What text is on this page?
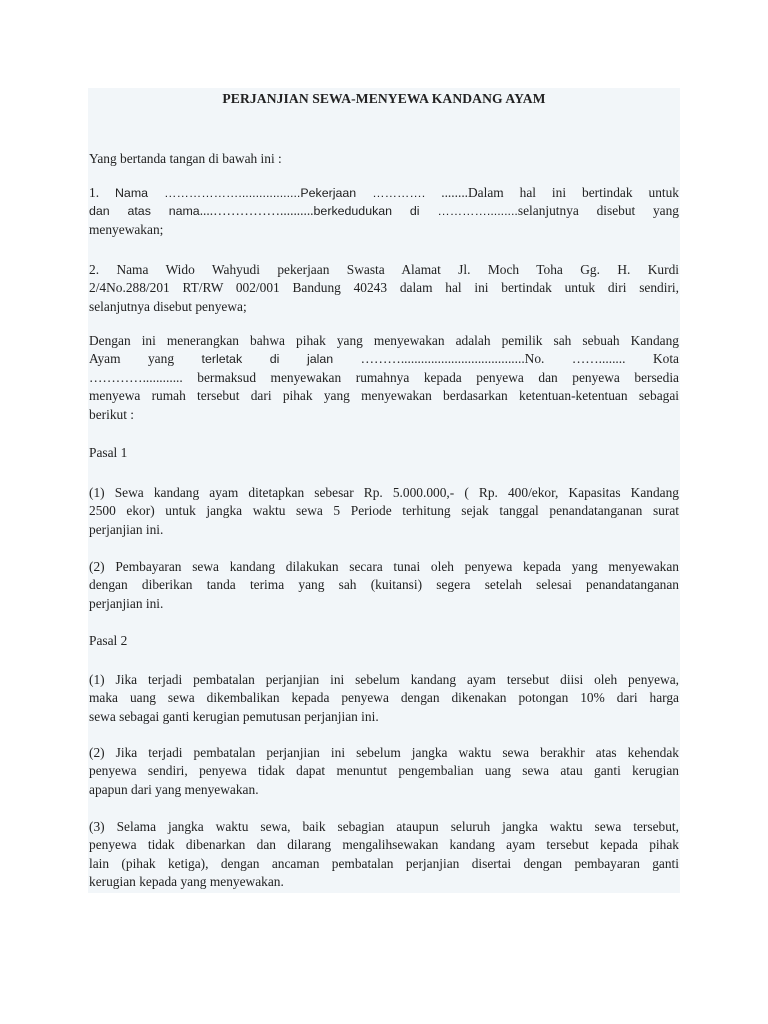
PERJANJIAN SEWA-MENYEWA KANDANG AYAM
Yang bertanda tangan di bawah ini :
1. Nama ………………..................Pekerjaan …………. ........Dalam hal ini bertindak untuk
dan atas nama....……………..........berkedudukan di ………….........selanjutnya disebut yang
menyewakan;
2. Nama Wido Wahyudi pekerjaan Swasta Alamat Jl. Moch Toha Gg. H. Kurdi
2/4No.288/201 RT/RW 002/001 Bandung 40243 dalam hal ini bertindak untuk diri sendiri,
selanjutnya disebut penyewa;
Dengan ini menerangkan bahwa pihak yang menyewakan adalah pemilik sah sebuah Kandang
Ayam yang terletak di jalan ……….....................................No. ……........ Kota
…………............ bermaksud menyewakan rumahnya kepada penyewa dan penyewa bersedia
menyewa rumah tersebut dari pihak yang menyewakan berdasarkan ketentuan-ketentuan sebagai
berikut :
Pasal 1
(1) Sewa kandang ayam ditetapkan sebesar Rp. 5.000.000,- ( Rp. 400/ekor, Kapasitas Kandang
2500 ekor) untuk jangka waktu sewa 5 Periode terhitung sejak tanggal penandatanganan surat
perjanjian ini.
(2) Pembayaran sewa kandang dilakukan secara tunai oleh penyewa kepada yang menyewakan
dengan diberikan tanda terima yang sah (kuitansi) segera setelah selesai penandatanganan
perjanjian ini.
Pasal 2
(1) Jika terjadi pembatalan perjanjian ini sebelum kandang ayam tersebut diisi oleh penyewa,
maka uang sewa dikembalikan kepada penyewa dengan dikenakan potongan 10% dari harga
sewa sebagai ganti kerugian pemutusan perjanjian ini.
(2) Jika terjadi pembatalan perjanjian ini sebelum jangka waktu sewa berakhir atas kehendak
penyewa sendiri, penyewa tidak dapat menuntut pengembalian uang sewa atau ganti kerugian
apapun dari yang menyewakan.
(3) Selama jangka waktu sewa, baik sebagian ataupun seluruh jangka waktu sewa tersebut,
penyewa tidak dibenarkan dan dilarang mengalihsewakan kandang ayam tersebut kepada pihak
lain (pihak ketiga), dengan ancaman pembatalan perjanjian disertai dengan pembayaran ganti
kerugian kepada yang menyewakan.
